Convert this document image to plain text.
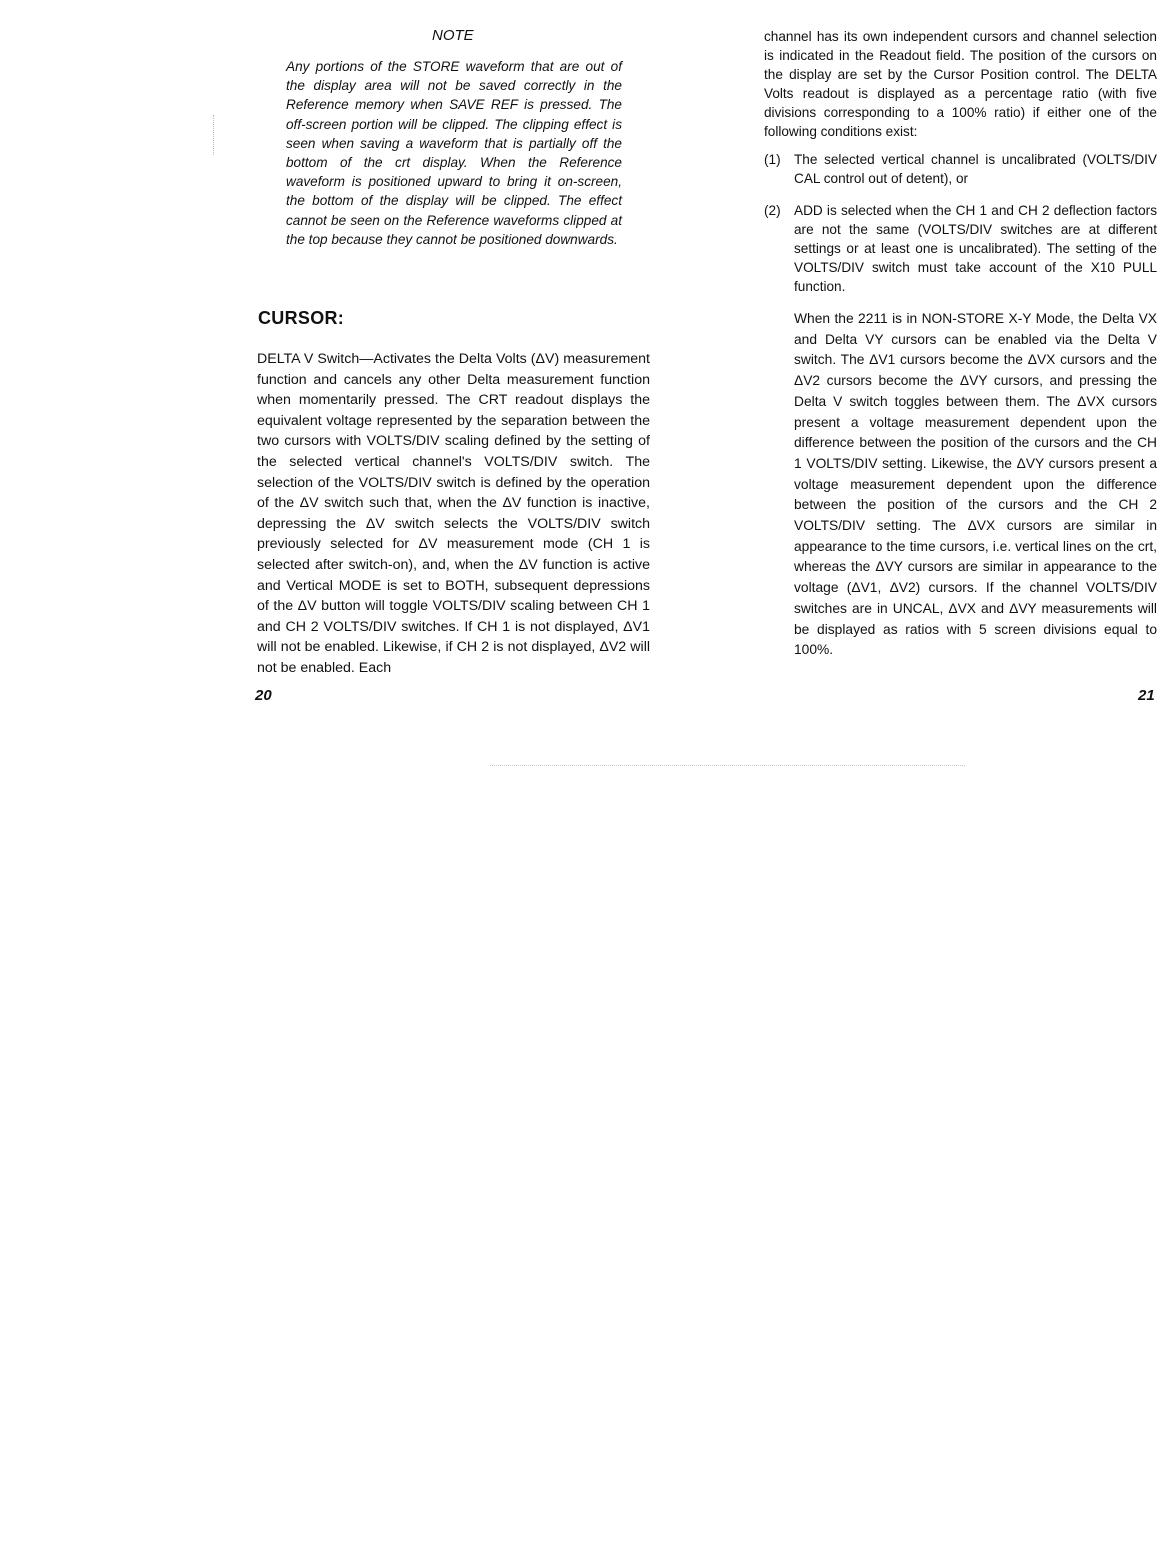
NOTE

Any portions of the STORE waveform that are out of the display area will not be saved correctly in the Reference memory when SAVE REF is pressed. The off-screen portion will be clipped. The clipping effect is seen when saving a waveform that is partially off the bottom of the crt display. When the Reference waveform is positioned upward to bring it on-screen, the bottom of the display will be clipped. The effect cannot be seen on the Reference waveforms clipped at the top because they cannot be positioned downwards.

CURSOR:

DELTA V Switch—Activates the Delta Volts (ΔV) measurement function and cancels any other Delta measurement function when momentarily pressed. The CRT readout displays the equivalent voltage represented by the separation between the two cursors with VOLTS/DIV scaling defined by the setting of the selected vertical channel's VOLTS/DIV switch. The selection of the VOLTS/DIV switch is defined by the operation of the ΔV switch such that, when the ΔV function is inactive, depressing the ΔV switch selects the VOLTS/DIV switch previously selected for ΔV measurement mode (CH 1 is selected after switch-on), and, when the ΔV function is active and Vertical MODE is set to BOTH, subsequent depressions of the ΔV button will toggle VOLTS/DIV scaling between CH 1 and CH 2 VOLTS/DIV switches. If CH 1 is not displayed, ΔV1 will not be enabled. Likewise, if CH 2 is not displayed, ΔV2 will not be enabled. Each

20

channel has its own independent cursors and channel selection is indicated in the Readout field. The position of the cursors on the display are set by the Cursor Position control. The DELTA Volts readout is displayed as a percentage ratio (with five divisions corresponding to a 100% ratio) if either one of the following conditions exist:

(1) The selected vertical channel is uncalibrated (VOLTS/DIV CAL control out of detent), or
(2) ADD is selected when the CH 1 and CH 2 deflection factors are not the same (VOLTS/DIV switches are at different settings or at least one is uncalibrated). The setting of the VOLTS/DIV switch must take account of the X10 PULL function.

When the 2211 is in NON-STORE X-Y Mode, the Delta VX and Delta VY cursors can be enabled via the Delta V switch. The ΔV1 cursors become the ΔVX cursors and the ΔV2 cursors become the ΔVY cursors, and pressing the Delta V switch toggles between them. The ΔVX cursors present a voltage measurement dependent upon the difference between the position of the cursors and the CH 1 VOLTS/DIV setting. Likewise, the ΔVY cursors present a voltage measurement dependent upon the difference between the position of the cursors and the CH 2 VOLTS/DIV setting. The ΔVX cursors are similar in appearance to the time cursors, i.e. vertical lines on the crt, whereas the ΔVY cursors are similar in appearance to the voltage (ΔV1, ΔV2) cursors. If the channel VOLTS/DIV switches are in UNCAL, ΔVX and ΔVY measurements will be displayed as ratios with 5 screen divisions equal to 100%.

21
